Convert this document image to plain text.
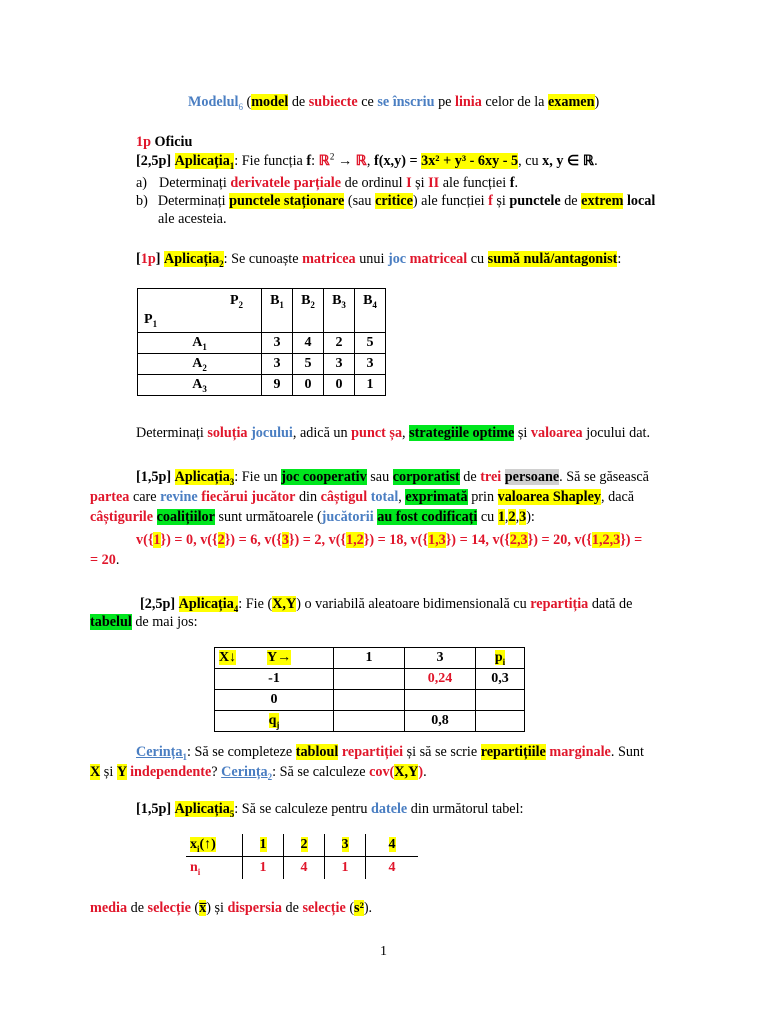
Modelul$_6$ (model de subiecte ce se înscriu pe linia celor de la examen)
1p Oficiu
[2,5p] Aplicația$_1$: Fie funcția f: ℝ$^2$ → ℝ, f(x,y) = 3x² + y³ - 6xy - 5, cu x, y ∈ ℝ.
a) Determinați derivatele parțiale de ordinul I și II ale funcției f.
b) Determinați punctele staționare (sau critice) ale funcției f și punctele de extrem local
ale acesteia.
[1p] Aplicația$_2$: Se cunoaște matricea unui joc matriceal cu sumă nulă/antagonist:
$P_2$
$P_1$	$B_1$	$B_2$	$B_3$	$B_4$
$A_1$	3	4	2	5
$A_2$	3	5	3	3
$A_3$	9	0	0	1
Determinați soluția jocului, adică un punct șa, strategiile optime și valoarea jocului dat.
[1,5p] Aplicația$_3$: Fie un joc cooperativ sau corporatist de trei persoane. Să se găsească
partea care revine fiecărui jucător din câștigul total, exprimată prin valoarea Shapley, dacă
câștigurile coalițiilor sunt următoarele (jucătorii au fost codificați cu 1,2,3):
v({1}) = 0, v({2}) = 6, v({3}) = 2, v({1,2}) = 18, v({1,3}) = 14, v({2,3}) = 20, v({1,2,3}) =
= 20.
[2,5p] Aplicația$_4$: Fie (X,Y) o variabilă aleatoare bidimensională cu repartiția dată de
tabelul de mai jos:
X↓	Y→	1	3	$p_i$
-1			0,24	0,3
0				
$q_j$			0,8	
Cerința$_1$: Să se completeze tabloul repartiției și să se scrie repartițiile marginale. Sunt
X și Y independente? Cerința$_2$: Să se calculeze cov(X,Y).
[1,5p] Aplicația$_5$: Să se calculeze pentru datele din următorul tabel:
$x_i(↑)$	1	2	3	4
$n_i$	1	4	1	4
media de selecție (x̅) și dispersia de selecție (s²).
1
